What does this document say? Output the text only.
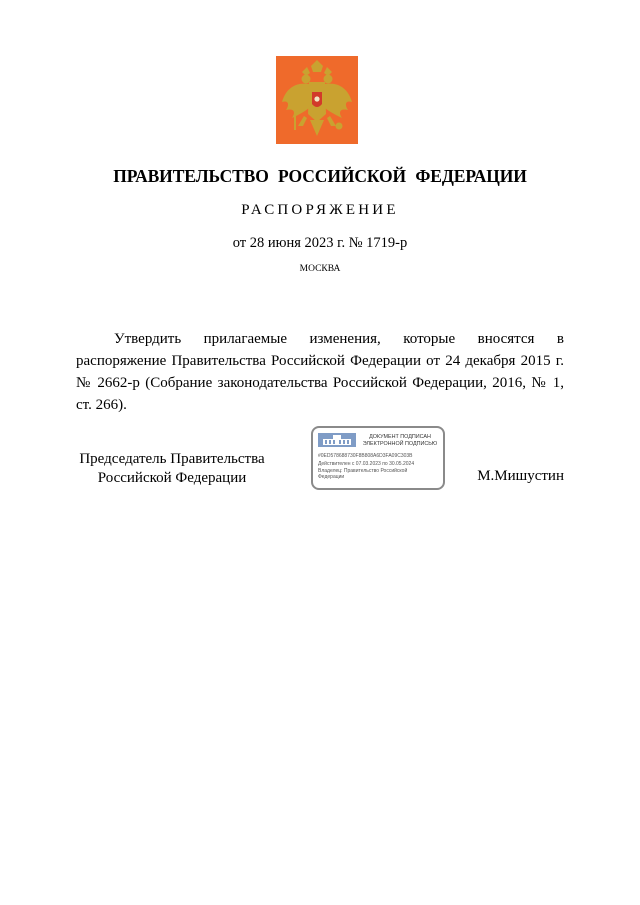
ПРАВИТЕЛЬСТВО РОССИЙСКОЙ ФЕДЕРАЦИИ
РАСПОРЯЖЕНИЕ
от 28 июня 2023 г. № 1719-р
МОСКВА

Утвердить прилагаемые изменения, которые вносятся в распоряжение Правительства Российской Федерации от 24 декабря 2015 г. № 2662-р (Собрание законодательства Российской Федерации, 2016, № 1, ст. 266).

Председатель Правительства
Российской Федерации
ДОКУМЕНТ ПОДПИСАН
ЭЛЕКТРОННОЙ ПОДПИСЬЮ
#0ED578688730F8B808A6D3FA09C303B
Действителен с 07.03.2023 по 30.05.2024
Владелец: Правительство Российской
Федерации	М.Мишустин
